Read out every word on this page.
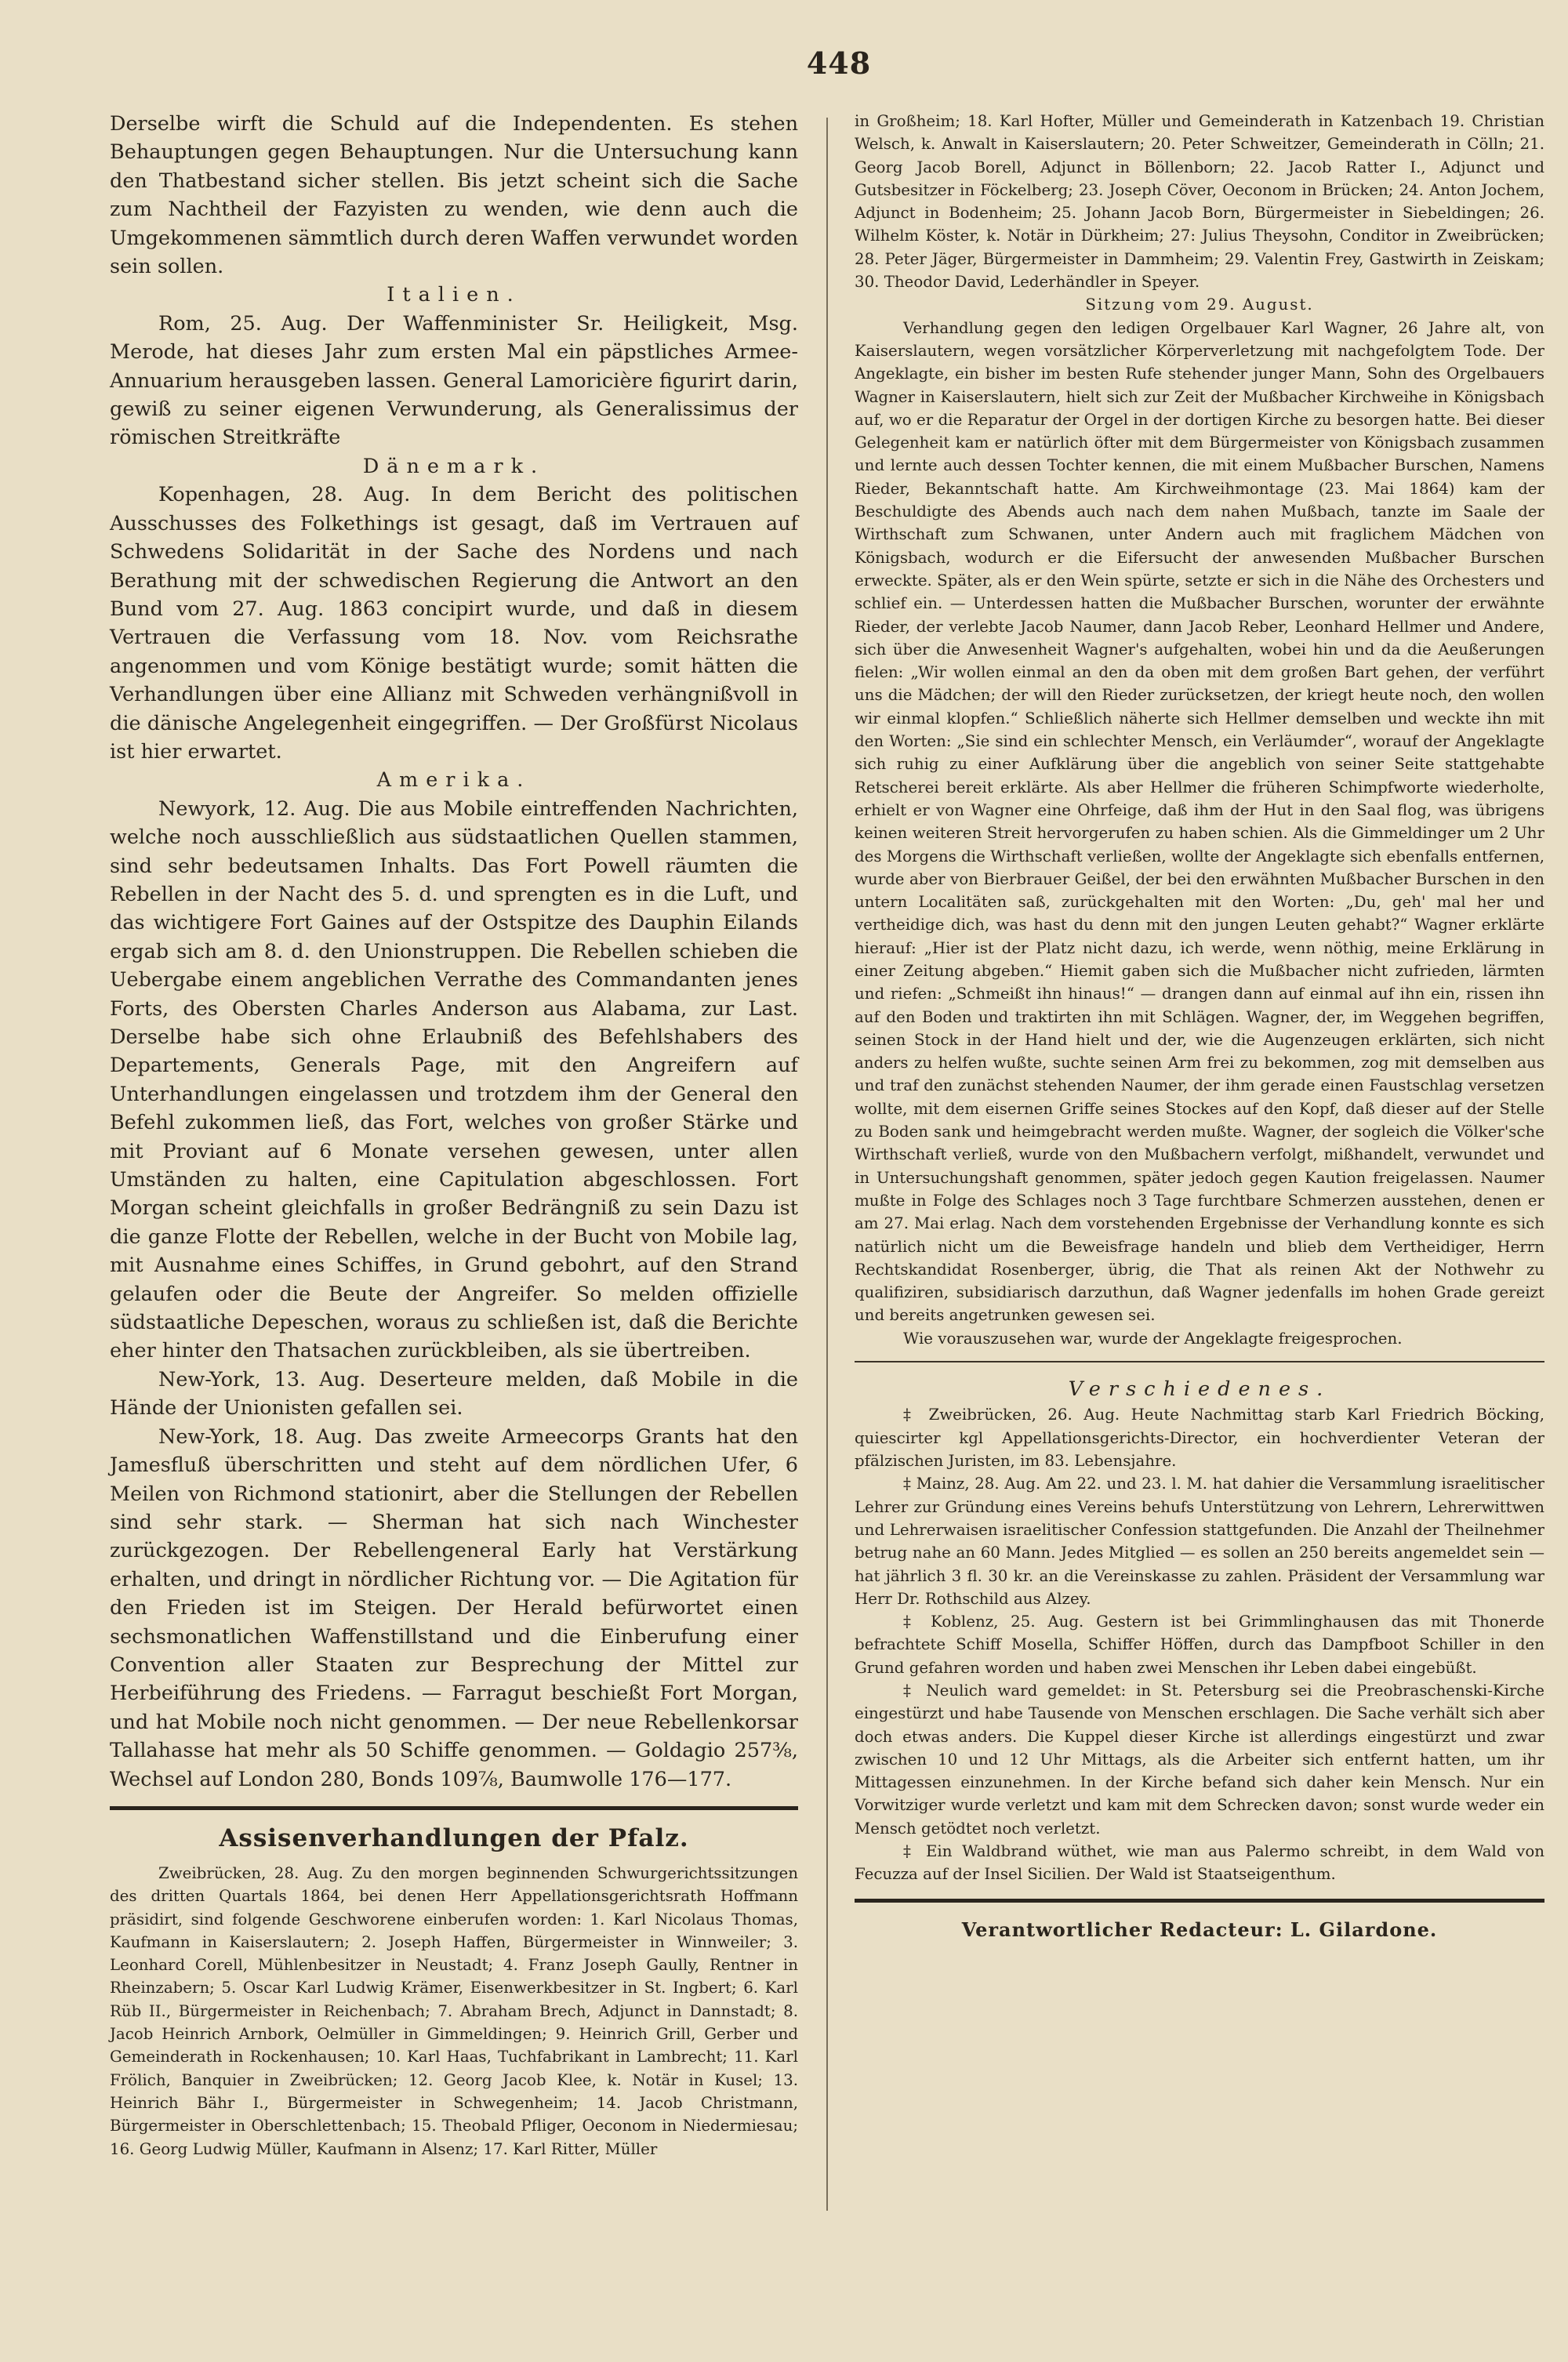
448

Derselbe wirft die Schuld auf die Independenten. Es stehen Behauptungen gegen Behauptungen. Nur die Untersuchung kann den Thatbestand sicher stellen. Bis jetzt scheint sich die Sache zum Nachtheil der Fazyisten zu wenden, wie denn auch die Umgekommenen sämmtlich durch deren Waffen verwundet worden sein sollen.

Italien.

Rom, 25. Aug. Der Waffenminister Sr. Heiligkeit, Msg. Merode, hat dieses Jahr zum ersten Mal ein päpstliches Armee-Annuarium herausgeben lassen. General Lamoricière figurirt darin, gewiß zu seiner eigenen Verwunderung, als Generalissimus der römischen Streitkräfte

Dänemark.

Kopenhagen, 28. Aug. In dem Bericht des politischen Ausschusses des Folkethings ist gesagt, daß im Vertrauen auf Schwedens Solidarität in der Sache des Nordens und nach Berathung mit der schwedischen Regierung die Antwort an den Bund vom 27. Aug. 1863 concipirt wurde, und daß in diesem Vertrauen die Verfassung vom 18. Nov. vom Reichsrathe angenommen und vom Könige bestätigt wurde; somit hätten die Verhandlungen über eine Allianz mit Schweden verhängnißvoll in die dänische Angelegenheit eingegriffen. — Der Großfürst Nicolaus ist hier erwartet.

Amerika.

Newyork, 12. Aug. Die aus Mobile eintreffenden Nachrichten, welche noch ausschließlich aus südstaatlichen Quellen stammen, sind sehr bedeutsamen Inhalts. Das Fort Powell räumten die Rebellen in der Nacht des 5. d. und sprengten es in die Luft, und das wichtigere Fort Gaines auf der Ostspitze des Dauphin Eilands ergab sich am 8. d. den Unionstruppen. Die Rebellen schieben die Uebergabe einem angeblichen Verrathe des Commandanten jenes Forts, des Obersten Charles Anderson aus Alabama, zur Last. Derselbe habe sich ohne Erlaubniß des Befehlshabers des Departements, Generals Page, mit den Angreifern auf Unterhandlungen eingelassen und trotzdem ihm der General den Befehl zukommen ließ, das Fort, welches von großer Stärke und mit Proviant auf 6 Monate versehen gewesen, unter allen Umständen zu halten, eine Capitulation abgeschlossen. Fort Morgan scheint gleichfalls in großer Bedrängniß zu sein Dazu ist die ganze Flotte der Rebellen, welche in der Bucht von Mobile lag, mit Ausnahme eines Schiffes, in Grund gebohrt, auf den Strand gelaufen oder die Beute der Angreifer. So melden offizielle südstaatliche Depeschen, woraus zu schließen ist, daß die Berichte eher hinter den Thatsachen zurückbleiben, als sie übertreiben.

New-York, 13. Aug. Deserteure melden, daß Mobile in die Hände der Unionisten gefallen sei.

New-York, 18. Aug. Das zweite Armeecorps Grants hat den Jamesfluß überschritten und steht auf dem nördlichen Ufer, 6 Meilen von Richmond stationirt, aber die Stellungen der Rebellen sind sehr stark. — Sherman hat sich nach Winchester zurückgezogen. Der Rebellengeneral Early hat Verstärkung erhalten, und dringt in nördlicher Richtung vor. — Die Agitation für den Frieden ist im Steigen. Der Herald befürwortet einen sechsmonatlichen Waffenstillstand und die Einberufung einer Convention aller Staaten zur Besprechung der Mittel zur Herbeiführung des Friedens. — Farragut beschießt Fort Morgan, und hat Mobile noch nicht genommen. — Der neue Rebellenkorsar Tallahasse hat mehr als 50 Schiffe genommen. — Goldagio 257⅜, Wechsel auf London 280, Bonds 109⅞, Baumwolle 176—177.

Assisenverhandlungen der Pfalz.

Zweibrücken, 28. Aug. Zu den morgen beginnenden Schwurgerichtssitzungen des dritten Quartals 1864, bei denen Herr Appellationsgerichtsrath Hoffmann präsidirt, sind folgende Geschworene einberufen worden: 1. Karl Nicolaus Thomas, Kaufmann in Kaiserslautern; 2. Joseph Haffen, Bürgermeister in Winnweiler; 3. Leonhard Corell, Mühlenbesitzer in Neustadt; 4. Franz Joseph Gaully, Rentner in Rheinzabern; 5. Oscar Karl Ludwig Krämer, Eisenwerkbesitzer in St. Ingbert; 6. Karl Rüb II., Bürgermeister in Reichenbach; 7. Abraham Brech, Adjunct in Dannstadt; 8. Jacob Heinrich Arnbork, Oelmüller in Gimmeldingen; 9. Heinrich Grill, Gerber und Gemeinderath in Rockenhausen; 10. Karl Haas, Tuchfabrikant in Lambrecht; 11. Karl Frölich, Banquier in Zweibrücken; 12. Georg Jacob Klee, k. Notär in Kusel; 13. Heinrich Bähr I., Bürgermeister in Schwegenheim; 14. Jacob Christmann, Bürgermeister in Oberschlettenbach; 15. Theobald Pfliger, Oeconom in Niedermiesau; 16. Georg Ludwig Müller, Kaufmann in Alsenz; 17. Karl Ritter, Müller

in Großheim; 18. Karl Hofter, Müller und Gemeinderath in Katzenbach 19. Christian Welsch, k. Anwalt in Kaiserslautern; 20. Peter Schweitzer, Gemeinderath in Cölln; 21. Georg Jacob Borell, Adjunct in Böllenborn; 22. Jacob Ratter I., Adjunct und Gutsbesitzer in Föckelberg; 23. Joseph Cöver, Oeconom in Brücken; 24. Anton Jochem, Adjunct in Bodenheim; 25. Johann Jacob Born, Bürgermeister in Siebeldingen; 26. Wilhelm Köster, k. Notär in Dürkheim; 27: Julius Theysohn, Conditor in Zweibrücken; 28. Peter Jäger, Bürgermeister in Dammheim; 29. Valentin Frey, Gastwirth in Zeiskam; 30. Theodor David, Lederhändler in Speyer.

Sitzung vom 29. August.

Verhandlung gegen den ledigen Orgelbauer Karl Wagner, 26 Jahre alt, von Kaiserslautern, wegen vorsätzlicher Körperverletzung mit nachgefolgtem Tode. Der Angeklagte, ein bisher im besten Rufe stehender junger Mann, Sohn des Orgelbauers Wagner in Kaiserslautern, hielt sich zur Zeit der Mußbacher Kirchweihe in Königsbach auf, wo er die Reparatur der Orgel in der dortigen Kirche zu besorgen hatte. Bei dieser Gelegenheit kam er natürlich öfter mit dem Bürgermeister von Königsbach zusammen und lernte auch dessen Tochter kennen, die mit einem Mußbacher Burschen, Namens Rieder, Bekanntschaft hatte. Am Kirchweihmontage (23. Mai 1864) kam der Beschuldigte des Abends auch nach dem nahen Mußbach, tanzte im Saale der Wirthschaft zum Schwanen, unter Andern auch mit fraglichem Mädchen von Königsbach, wodurch er die Eifersucht der anwesenden Mußbacher Burschen erweckte. Später, als er den Wein spürte, setzte er sich in die Nähe des Orchesters und schlief ein. — Unterdessen hatten die Mußbacher Burschen, worunter der erwähnte Rieder, der verlebte Jacob Naumer, dann Jacob Reber, Leonhard Hellmer und Andere, sich über die Anwesenheit Wagner's aufgehalten, wobei hin und da die Aeußerungen fielen: „Wir wollen einmal an den da oben mit dem großen Bart gehen, der verführt uns die Mädchen; der will den Rieder zurücksetzen, der kriegt heute noch, den wollen wir einmal klopfen.“ Schließlich näherte sich Hellmer demselben und weckte ihn mit den Worten: „Sie sind ein schlechter Mensch, ein Verläumder“, worauf der Angeklagte sich ruhig zu einer Aufklärung über die angeblich von seiner Seite stattgehabte Retscherei bereit erklärte. Als aber Hellmer die früheren Schimpfworte wiederholte, erhielt er von Wagner eine Ohrfeige, daß ihm der Hut in den Saal flog, was übrigens keinen weiteren Streit hervorgerufen zu haben schien. Als die Gimmeldinger um 2 Uhr des Morgens die Wirthschaft verließen, wollte der Angeklagte sich ebenfalls entfernen, wurde aber von Bierbrauer Geißel, der bei den erwähnten Mußbacher Burschen in den untern Localitäten saß, zurückgehalten mit den Worten: „Du, geh' mal her und vertheidige dich, was hast du denn mit den jungen Leuten gehabt?“ Wagner erklärte hierauf: „Hier ist der Platz nicht dazu, ich werde, wenn nöthig, meine Erklärung in einer Zeitung abgeben.“ Hiemit gaben sich die Mußbacher nicht zufrieden, lärmten und riefen: „Schmeißt ihn hinaus!“ — drangen dann auf einmal auf ihn ein, rissen ihn auf den Boden und traktirten ihn mit Schlägen. Wagner, der, im Weggehen begriffen, seinen Stock in der Hand hielt und der, wie die Augenzeugen erklärten, sich nicht anders zu helfen wußte, suchte seinen Arm frei zu bekommen, zog mit demselben aus und traf den zunächst stehenden Naumer, der ihm gerade einen Faustschlag versetzen wollte, mit dem eisernen Griffe seines Stockes auf den Kopf, daß dieser auf der Stelle zu Boden sank und heimgebracht werden mußte. Wagner, der sogleich die Völker'sche Wirthschaft verließ, wurde von den Mußbachern verfolgt, mißhandelt, verwundet und in Untersuchungshaft genommen, später jedoch gegen Kaution freigelassen. Naumer mußte in Folge des Schlages noch 3 Tage furchtbare Schmerzen ausstehen, denen er am 27. Mai erlag. Nach dem vorstehenden Ergebnisse der Verhandlung konnte es sich natürlich nicht um die Beweisfrage handeln und blieb dem Vertheidiger, Herrn Rechtskandidat Rosenberger, übrig, die That als reinen Akt der Nothwehr zu qualifiziren, subsidiarisch darzuthun, daß Wagner jedenfalls im hohen Grade gereizt und bereits angetrunken gewesen sei.

Wie vorauszusehen war, wurde der Angeklagte freigesprochen.

Verschiedenes.

‡ Zweibrücken, 26. Aug. Heute Nachmittag starb Karl Friedrich Böcking, quiescirter kgl Appellationsgerichts-Director, ein hochverdienter Veteran der pfälzischen Juristen, im 83. Lebensjahre.

‡ Mainz, 28. Aug. Am 22. und 23. l. M. hat dahier die Versammlung israelitischer Lehrer zur Gründung eines Vereins behufs Unterstützung von Lehrern, Lehrerwittwen und Lehrerwaisen israelitischer Confession stattgefunden. Die Anzahl der Theilnehmer betrug nahe an 60 Mann. Jedes Mitglied — es sollen an 250 bereits angemeldet sein — hat jährlich 3 fl. 30 kr. an die Vereinskasse zu zahlen. Präsident der Versammlung war Herr Dr. Rothschild aus Alzey.

‡ Koblenz, 25. Aug. Gestern ist bei Grimmlinghausen das mit Thonerde befrachtete Schiff Mosella, Schiffer Höffen, durch das Dampfboot Schiller in den Grund gefahren worden und haben zwei Menschen ihr Leben dabei eingebüßt.

‡ Neulich ward gemeldet: in St. Petersburg sei die Preobraschenski-Kirche eingestürzt und habe Tausende von Menschen erschlagen. Die Sache verhält sich aber doch etwas anders. Die Kuppel dieser Kirche ist allerdings eingestürzt und zwar zwischen 10 und 12 Uhr Mittags, als die Arbeiter sich entfernt hatten, um ihr Mittagessen einzunehmen. In der Kirche befand sich daher kein Mensch. Nur ein Vorwitziger wurde verletzt und kam mit dem Schrecken davon; sonst wurde weder ein Mensch getödtet noch verletzt.

‡ Ein Waldbrand wüthet, wie man aus Palermo schreibt, in dem Wald von Fecuzza auf der Insel Sicilien. Der Wald ist Staatseigenthum.

Verantwortlicher Redacteur: L. Gilardone.
